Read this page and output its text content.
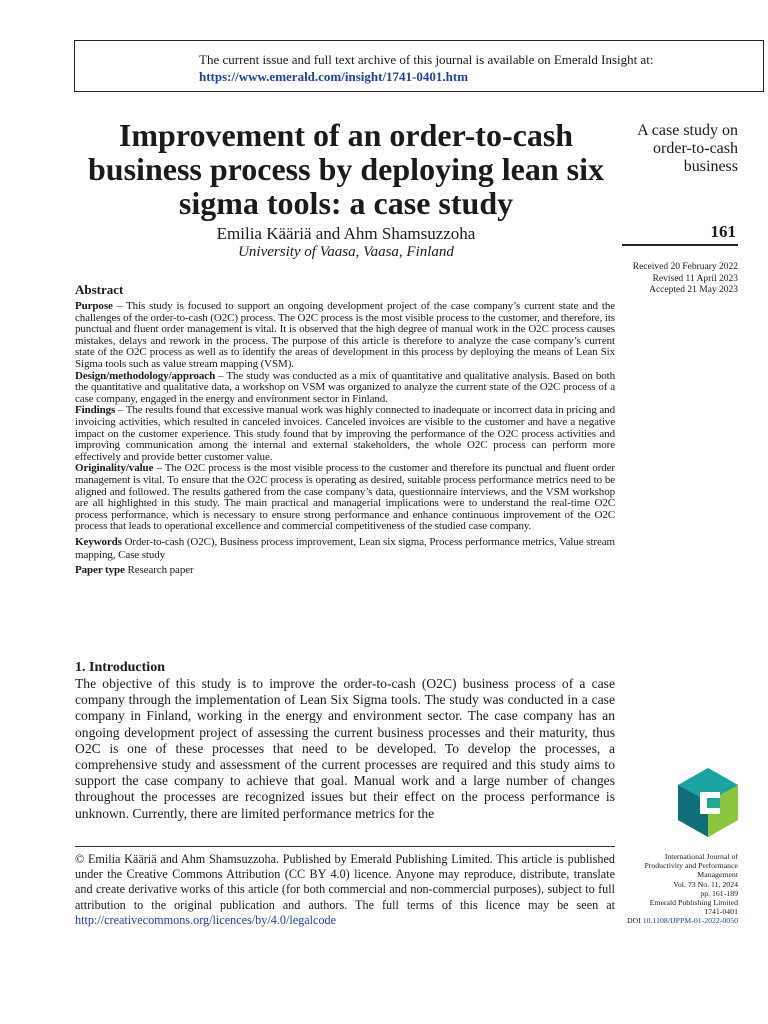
The current issue and full text archive of this journal is available on Emerald Insight at:
https://www.emerald.com/insight/1741-0401.htm
Improvement of an order-to-cash business process by deploying lean six sigma tools: a case study
Emilia Kääriä and Ahm Shamsuzzoha
University of Vaasa, Vaasa, Finland
A case study on order-to-cash business
161
Received 20 February 2022
Revised 11 April 2023
Accepted 21 May 2023
Abstract

Purpose – This study is focused to support an ongoing development project of the case company’s current state and the challenges of the order-to-cash (O2C) process. The O2C process is the most visible process to the customer, and therefore, its punctual and fluent order management is vital. It is observed that the high degree of manual work in the O2C process causes mistakes, delays and rework in the process. The purpose of this article is therefore to analyze the case company’s current state of the O2C process as well as to identify the areas of development in this process by deploying the means of Lean Six Sigma tools such as value stream mapping (VSM).

Design/methodology/approach – The study was conducted as a mix of quantitative and qualitative analysis. Based on both the quantitative and qualitative data, a workshop on VSM was organized to analyze the current state of the O2C process of a case company, engaged in the energy and environment sector in Finland.

Findings – The results found that excessive manual work was highly connected to inadequate or incorrect data in pricing and invoicing activities, which resulted in canceled invoices. Canceled invoices are visible to the customer and have a negative impact on the customer experience. This study found that by improving the performance of the O2C process activities and improving communication among the internal and external stakeholders, the whole O2C process can perform more effectively and provide better customer value.

Originality/value – The O2C process is the most visible process to the customer and therefore its punctual and fluent order management is vital. To ensure that the O2C process is operating as desired, suitable process performance metrics need to be aligned and followed. The results gathered from the case company’s data, questionnaire interviews, and the VSM workshop are all highlighted in this study. The main practical and managerial implications were to understand the real-time O2C process performance, which is necessary to ensure strong performance and enhance continuous improvement of the O2C process that leads to operational excellence and commercial competitiveness of the studied case company.

Keywords Order-to-cash (O2C), Business process improvement, Lean six sigma, Process performance metrics, Value stream mapping, Case study

Paper type Research paper

1. Introduction

The objective of this study is to improve the order-to-cash (O2C) business process of a case company through the implementation of Lean Six Sigma tools. The study was conducted in a case company in Finland, working in the energy and environment sector. The case company has an ongoing development project of assessing the current business processes and their maturity, thus O2C is one of these processes that need to be developed. To develop the processes, a comprehensive study and assessment of the current processes are required and this study aims to support the case company to achieve that goal. Manual work and a large number of changes throughout the processes are recognized issues but their effect on the process performance is unknown. Currently, there are limited performance metrics for the

© Emilia Kääriä and Ahm Shamsuzzoha. Published by Emerald Publishing Limited. This article is published under the Creative Commons Attribution (CC BY 4.0) licence. Anyone may reproduce, distribute, translate and create derivative works of this article (for both commercial and non-commercial purposes), subject to full attribution to the original publication and authors. The full terms of this licence may be seen at http://creativecommons.org/licences/by/4.0/legalcode
International Journal of
Productivity and Performance
Management
Vol. 73 No. 11, 2024
pp. 161-189
Emerald Publishing Limited
1741-0401
DOI 10.1108/IJPPM-01-2022-0050
